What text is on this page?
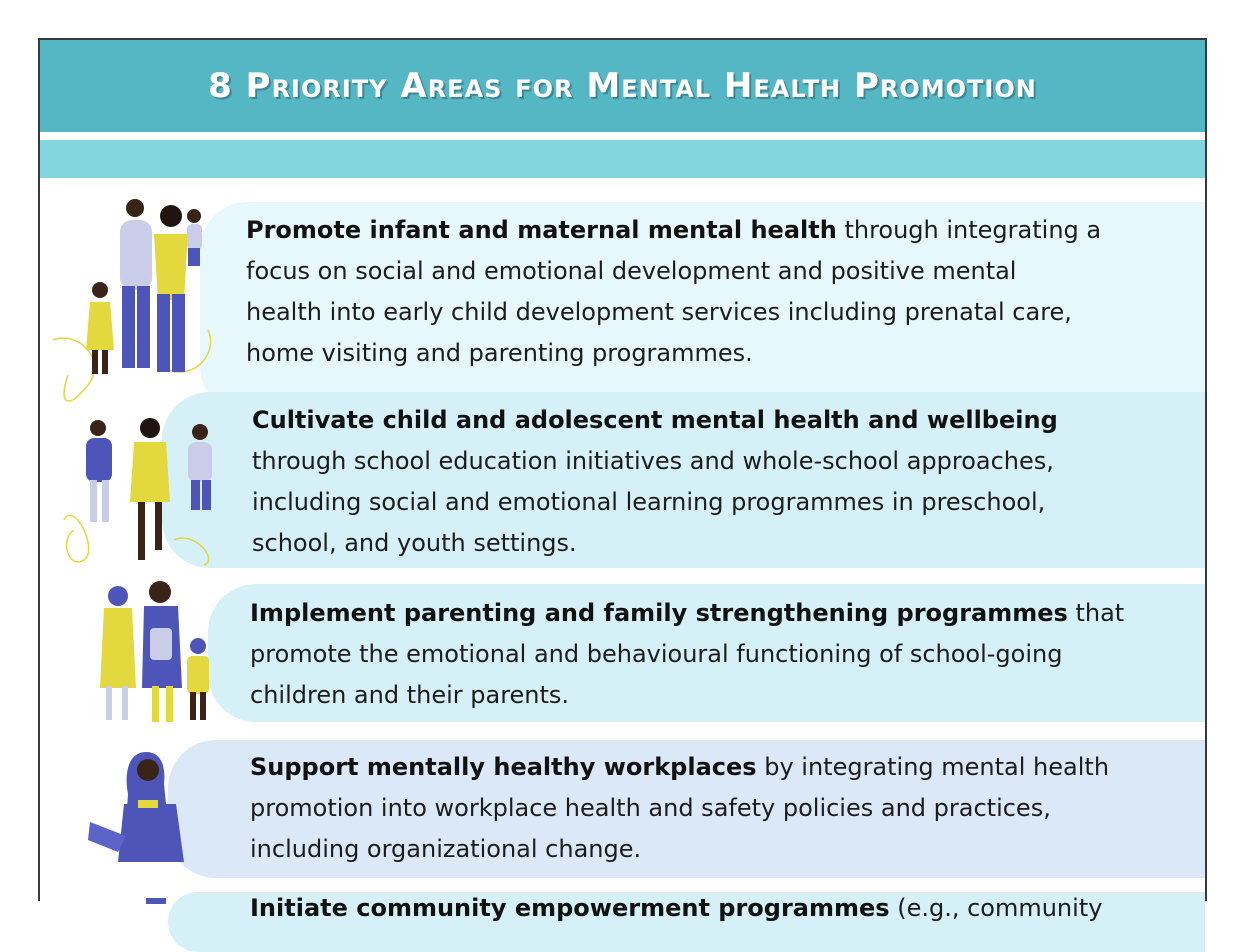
8 Priority Areas for Mental Health Promotion

Promote infant and maternal mental health through integrating a
focus on social and emotional development and positive mental
health into early child development services including prenatal care,
home visiting and parenting programmes.

Cultivate child and adolescent mental health and wellbeing
through school education initiatives and whole-school approaches,
including social and emotional learning programmes in preschool,
school, and youth settings.

Implement parenting and family strengthening programmes that
promote the emotional and behavioural functioning of school-going
children and their parents.

Support mentally healthy workplaces by integrating mental health
promotion into workplace health and safety policies and practices,
including organizational change.

Initiate community empowerment programmes (e.g., community
